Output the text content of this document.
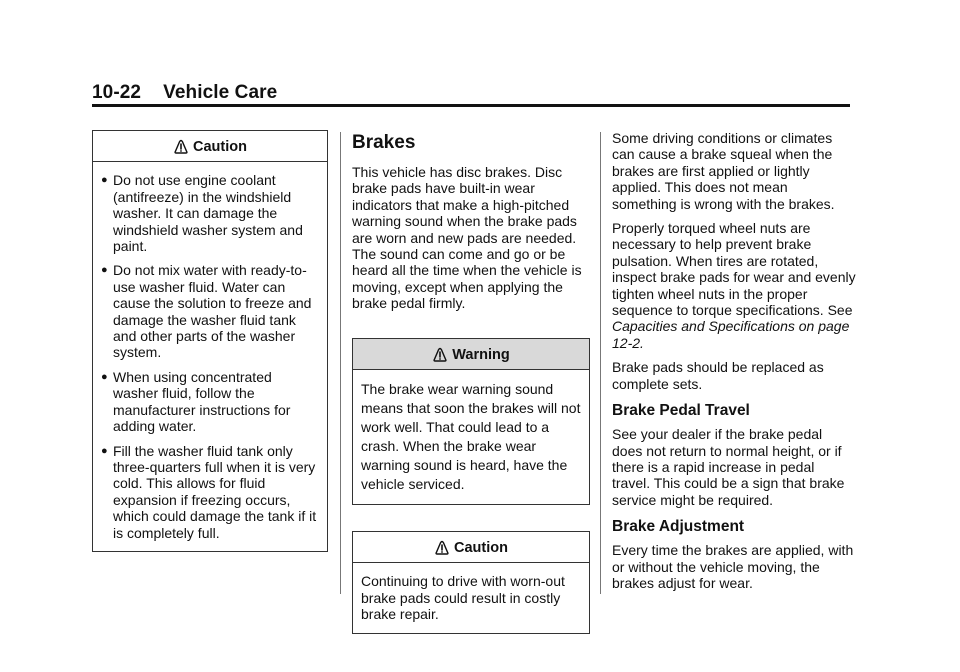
10-22 Vehicle Care
Caution
● Do not use engine coolant (antifreeze) in the windshield washer. It can damage the windshield washer system and paint.
● Do not mix water with ready-to-use washer fluid. Water can cause the solution to freeze and damage the washer fluid tank and other parts of the washer system.
● When using concentrated washer fluid, follow the manufacturer instructions for adding water.
● Fill the washer fluid tank only three-quarters full when it is very cold. This allows for fluid expansion if freezing occurs, which could damage the tank if it is completely full.
Brakes

This vehicle has disc brakes. Disc brake pads have built-in wear indicators that make a high-pitched warning sound when the brake pads are worn and new pads are needed. The sound can come and go or be heard all the time when the vehicle is moving, except when applying the brake pedal firmly.

Warning

The brake wear warning sound means that soon the brakes will not work well. That could lead to a crash. When the brake wear warning sound is heard, have the vehicle serviced.

Caution

Continuing to drive with worn-out brake pads could result in costly brake repair.

Some driving conditions or climates can cause a brake squeal when the brakes are first applied or lightly applied. This does not mean something is wrong with the brakes.

Properly torqued wheel nuts are necessary to help prevent brake pulsation. When tires are rotated, inspect brake pads for wear and evenly tighten wheel nuts in the proper sequence to torque specifications. See Capacities and Specifications on page 12-2.

Brake pads should be replaced as complete sets.

Brake Pedal Travel

See your dealer if the brake pedal does not return to normal height, or if there is a rapid increase in pedal travel. This could be a sign that brake service might be required.

Brake Adjustment

Every time the brakes are applied, with or without the vehicle moving, the brakes adjust for wear.
